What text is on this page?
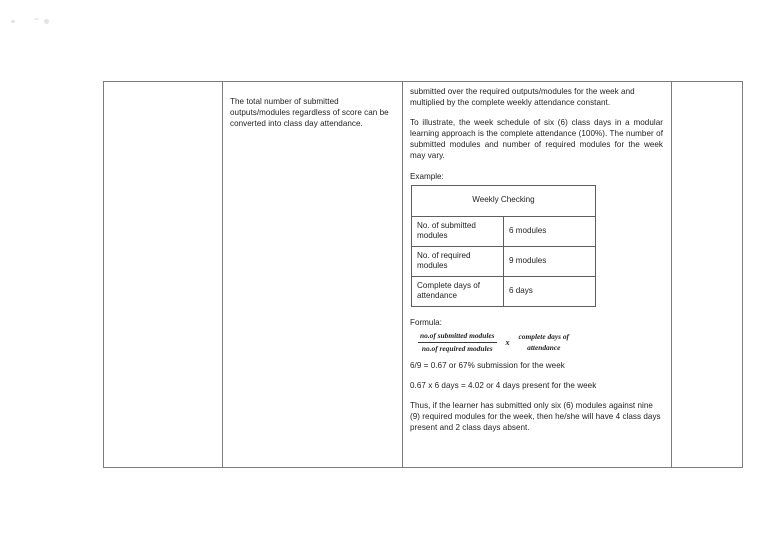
The total number of submitted outputs/modules regardless of score can be converted into class day attendance.

submitted over the required outputs/modules for the week and multiplied by the complete weekly attendance constant.

To illustrate, the week schedule of six (6) class days in a modular learning approach is the complete attendance (100%). The number of submitted modules and number of required modules for the week may vary.

Example:

Weekly Checking
No. of submitted modules	6 modules
No. of required modules	9 modules
Complete days of attendance	6 days

Formula:

$\frac{\text{no.of submitted modules}}{\text{no.of required modules}}$ x
complete days of
attendance

6/9 = 0.67 or 67% submission for the week

0.67 x 6 days = 4.02 or 4 days present for the week

Thus, if the learner has submitted only six (6) modules against nine (9) required modules for the week, then he/she will have 4 class days present and 2 class days absent.
